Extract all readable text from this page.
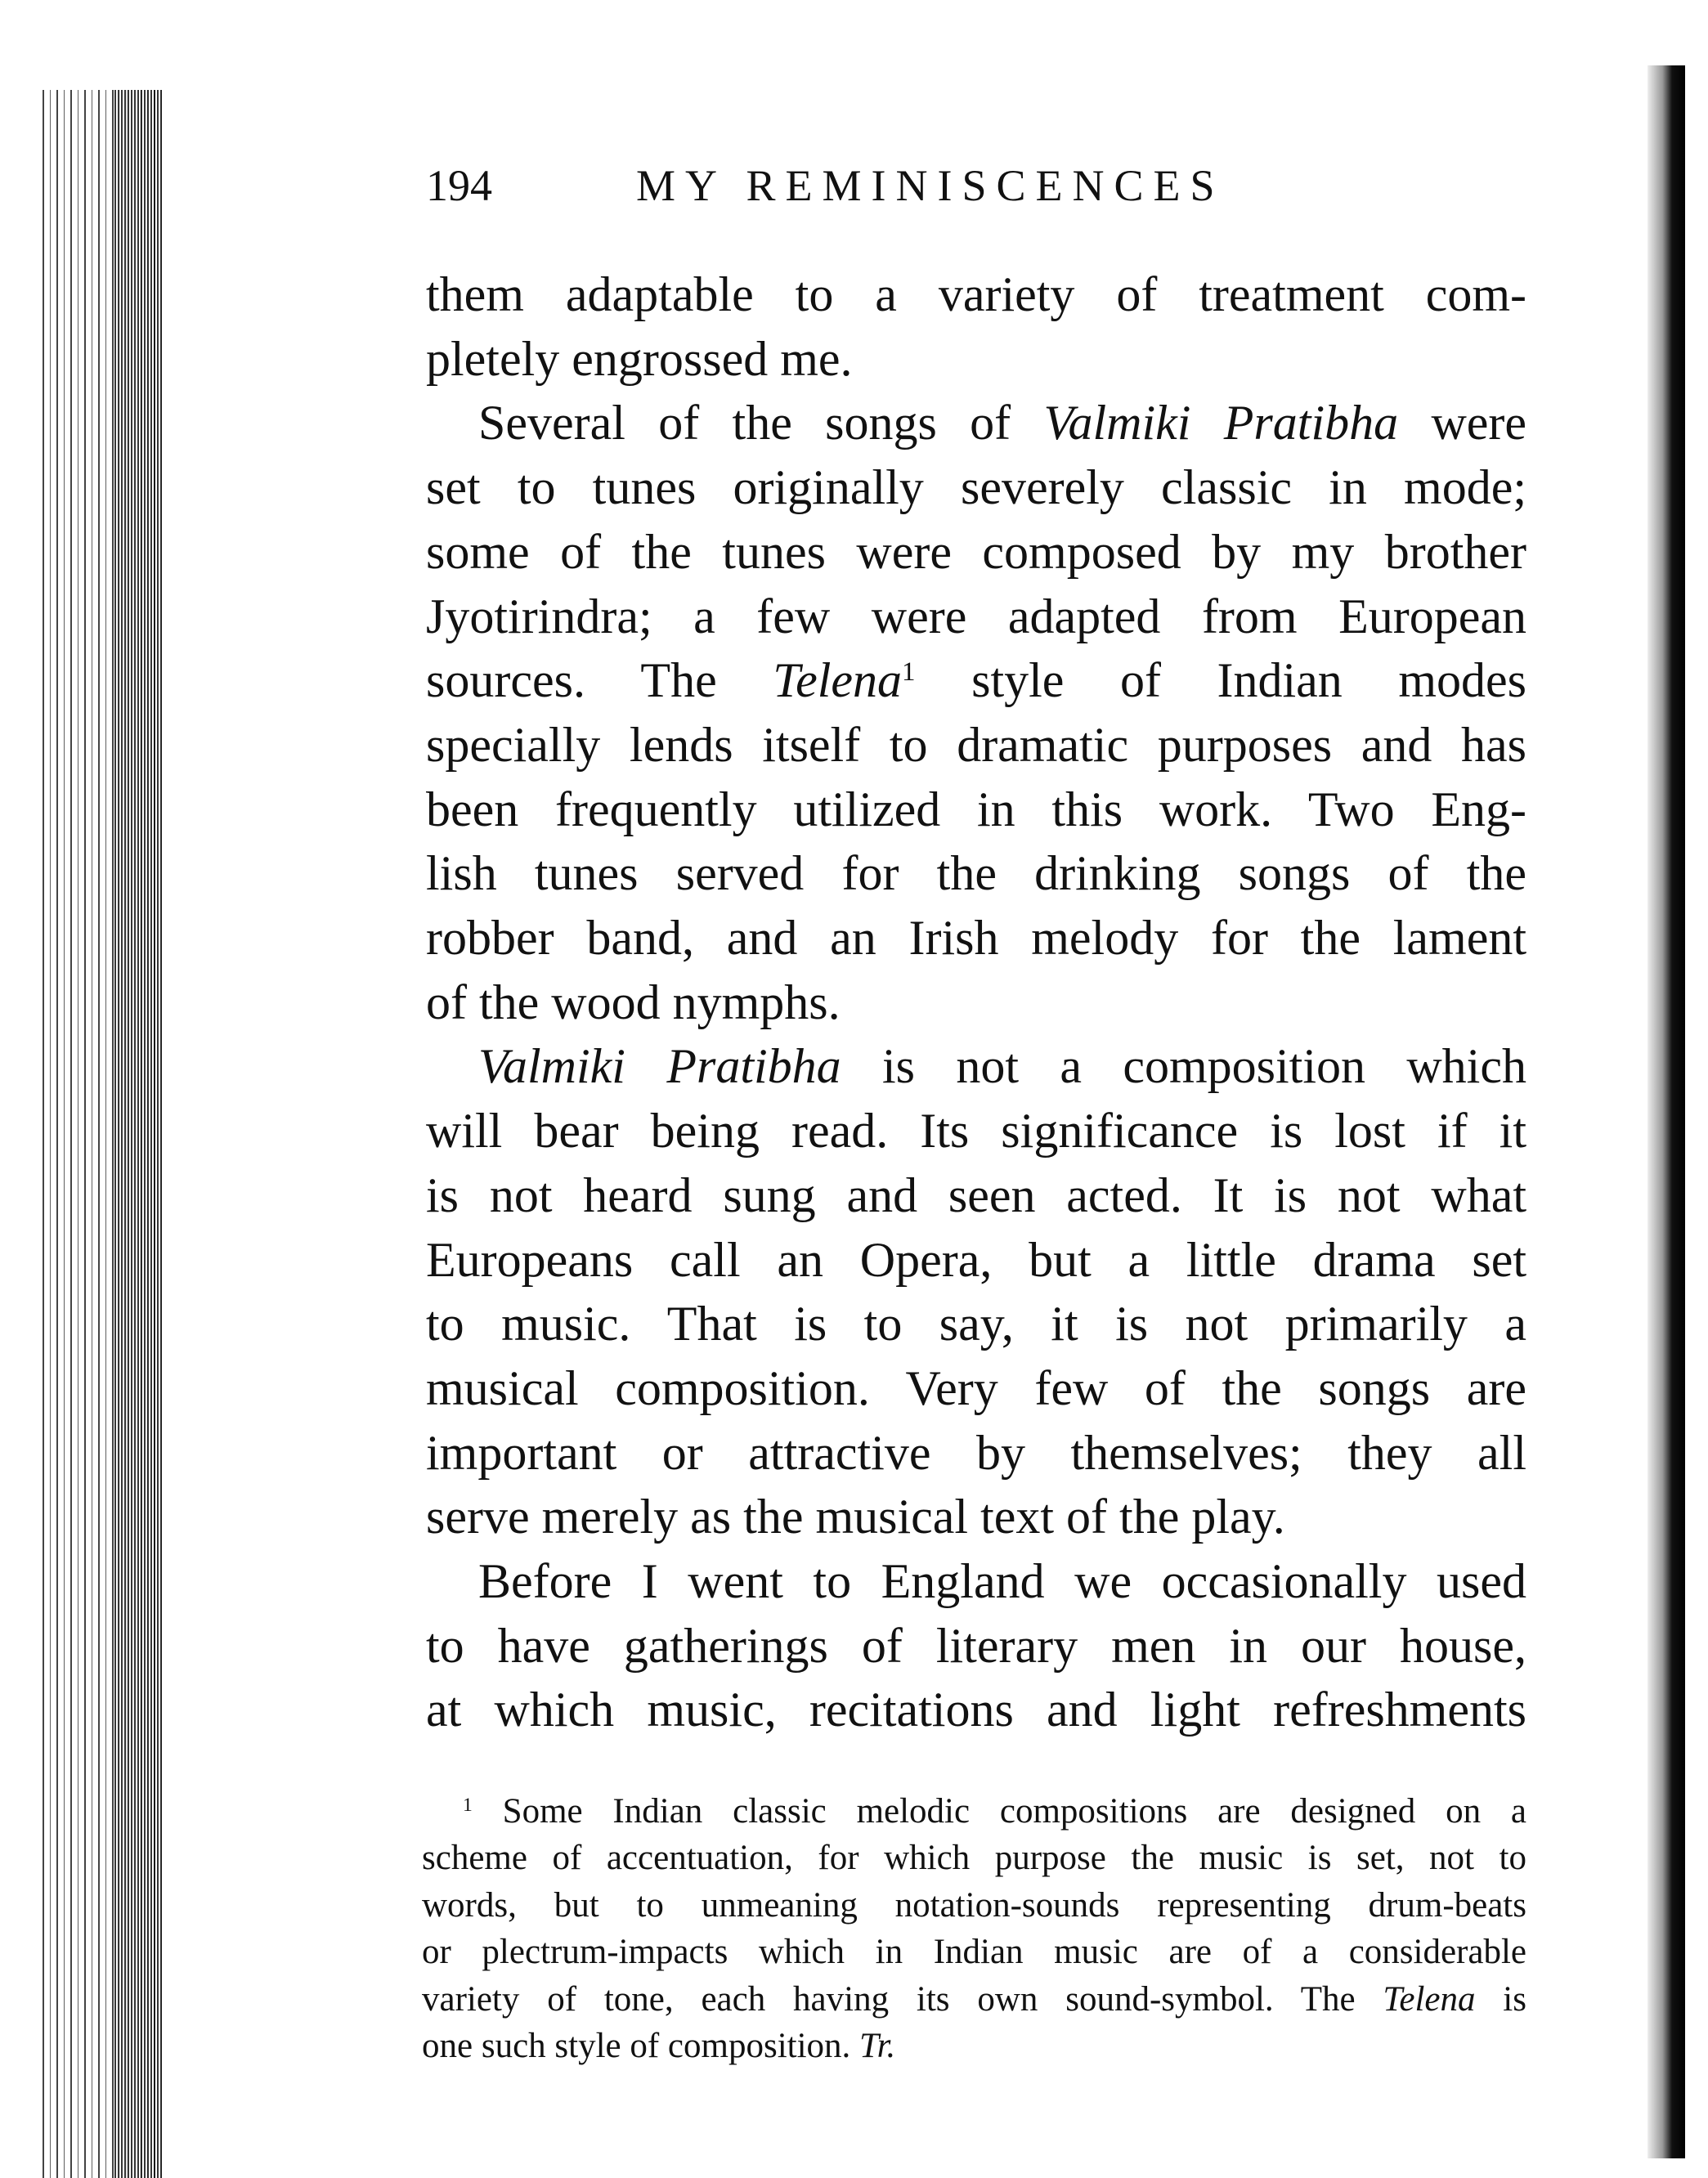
194	MY REMINISCENCES
them adaptable to a variety of treatment com-
pletely engrossed me.
Several of the songs of Valmiki Pratibha were
set to tunes originally severely classic in mode;
some of the tunes were composed by my brother
Jyotirindra; a few were adapted from European
sources. The Telena$^1$ style of Indian modes
specially lends itself to dramatic purposes and has
been frequently utilized in this work. Two Eng-
lish tunes served for the drinking songs of the
robber band, and an Irish melody for the lament
of the wood nymphs.
Valmiki Pratibha is not a composition which
will bear being read. Its significance is lost if it
is not heard sung and seen acted. It is not what
Europeans call an Opera, but a little drama set
to music. That is to say, it is not primarily a
musical composition. Very few of the songs are
important or attractive by themselves; they all
serve merely as the musical text of the play.
Before I went to England we occasionally used
to have gatherings of literary men in our house,
at which music, recitations and light refreshments
$^1$ Some Indian classic melodic compositions are designed on a
scheme of accentuation, for which purpose the music is set, not to
words, but to unmeaning notation-sounds representing drum-beats
or plectrum-impacts which in Indian music are of a considerable
variety of tone, each having its own sound-symbol. The Telena is
one such style of composition. Tr.
